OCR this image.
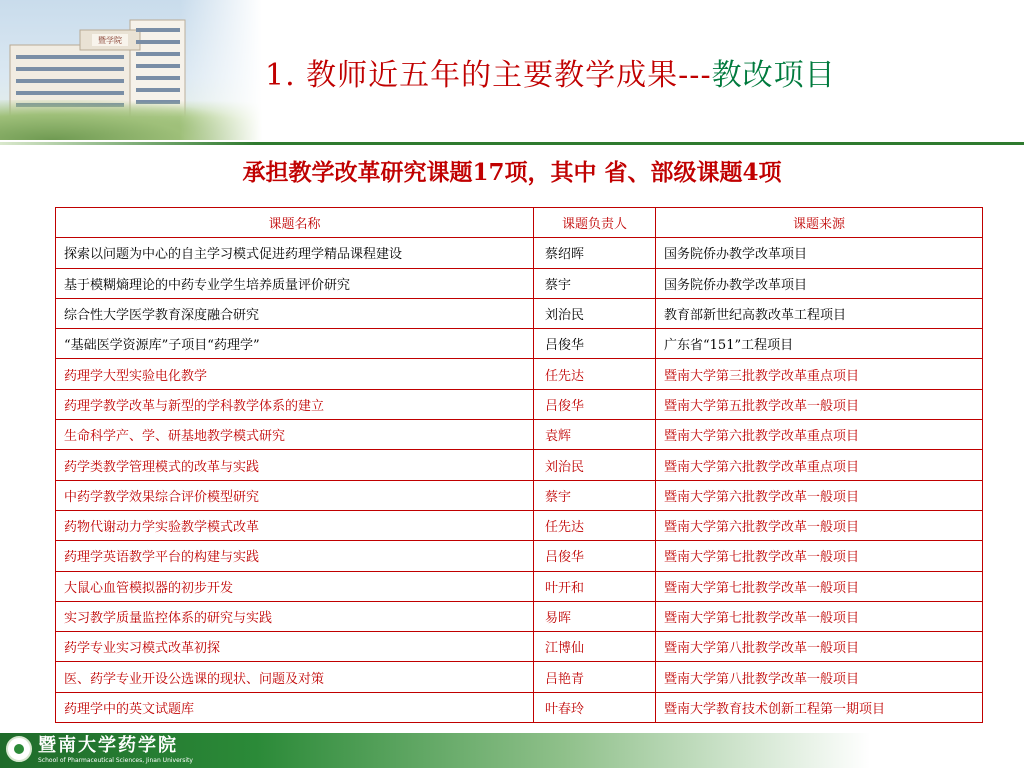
暨学院
1. 教师近五年的主要教学成果---教改项目
承担教学改革研究课题17项，其中 省、部级课题4项
课题名称	课题负责人	课题来源
探索以问题为中心的自主学习模式促进药理学精品课程建设	蔡绍晖	国务院侨办教学改革项目
基于模糊熵理论的中药专业学生培养质量评价研究	蔡宇	国务院侨办教学改革项目
综合性大学医学教育深度融合研究	刘治民	教育部新世纪高教改革工程项目
“基础医学资源库”子项目“药理学”	吕俊华	广东省“151”工程项目
药理学大型实验电化教学	任先达	暨南大学第三批教学改革重点项目
药理学教学改革与新型的学科教学体系的建立	吕俊华	暨南大学第五批教学改革一般项目
生命科学产、学、研基地教学模式研究	袁辉	暨南大学第六批教学改革重点项目
药学类教学管理模式的改革与实践	刘治民	暨南大学第六批教学改革重点项目
中药学教学效果综合评价模型研究	蔡宇	暨南大学第六批教学改革一般项目
药物代谢动力学实验教学模式改革	任先达	暨南大学第六批教学改革一般项目
药理学英语教学平台的构建与实践	吕俊华	暨南大学第七批教学改革一般项目
大鼠心血管模拟器的初步开发	叶开和	暨南大学第七批教学改革一般项目
实习教学质量监控体系的研究与实践	易晖	暨南大学第七批教学改革一般项目
药学专业实习模式改革初探	江博仙	暨南大学第八批教学改革一般项目
医、药学专业开设公选课的现状、问题及对策	吕艳青	暨南大学第八批教学改革一般项目
药理学中的英文试题库	叶春玲	暨南大学教育技术创新工程第一期项目
暨南大学药学院
School of Pharmaceutical Sciences, Jinan University
